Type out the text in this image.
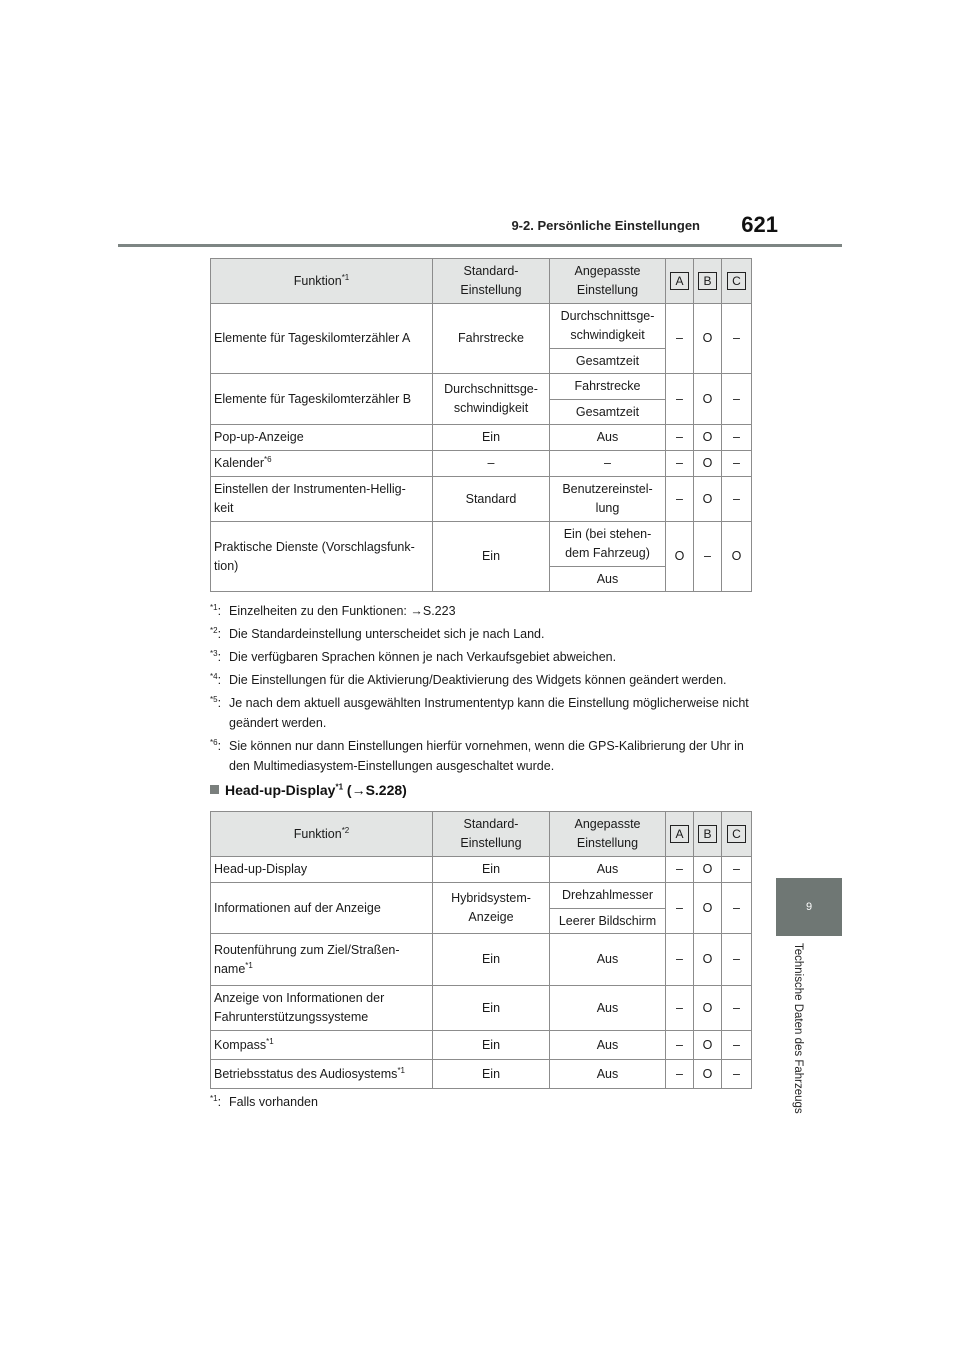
9-2. Persönliche Einstellungen	621
9
Technische Daten des Fahrzeugs
Funktion$^{*1}$	Standard-
Einstellung	Angepasste
Einstellung	A	B	C
Elemente für Tageskilomterzähler A	Fahrstrecke	Durchschnittsge-
schwindigkeit	–	O	–
		Gesamtzeit			
Elemente für Tageskilomterzähler B	Durchschnittsge-
schwindigkeit	Fahrstrecke	–	O	–
		Gesamtzeit			
Pop-up-Anzeige	Ein	Aus	–	O	–
Kalender$^{*6}$	–	–	–	O	–
Einstellen der Instrumenten-Hellig-
keit	Standard	Benutzereinstel-
lung	–	O	–
Praktische Dienste (Vorschlagsfunk-
tion)	Ein	Ein (bei stehen-
dem Fahrzeug)	O	–	O
		Aus			
$^{*1}$: Einzelheiten zu den Funktionen: →S.223
$^{*2}$: Die Standardeinstellung unterscheidet sich je nach Land.
$^{*3}$: Die verfügbaren Sprachen können je nach Verkaufsgebiet abweichen.
$^{*4}$: Die Einstellungen für die Aktivierung/Deaktivierung des Widgets können geändert werden.
$^{*5}$: Je nach dem aktuell ausgewählten Instrumententyp kann die Einstellung möglicherweise nicht geändert werden.
$^{*6}$: Sie können nur dann Einstellungen hierfür vornehmen, wenn die GPS-Kalibrierung der Uhr in den Multimediasystem-Einstellungen ausgeschaltet wurde.
Head-up-Display$^{*1}$ (→S.228)
Funktion$^{*2}$	Standard-
Einstellung	Angepasste
Einstellung	A	B	C
Head-up-Display	Ein	Aus	–	O	–
Informationen auf der Anzeige	Hybridsystem-
Anzeige	Drehzahlmesser	–	O	–
		Leerer Bildschirm			
Routenführung zum Ziel/Straßen-
name$^{*1}$	Ein	Aus	–	O	–
Anzeige von Informationen der
Fahrunterstützungssysteme	Ein	Aus	–	O	–
Kompass$^{*1}$	Ein	Aus	–	O	–
Betriebsstatus des Audiosystems$^{*1}$	Ein	Aus	–	O	–
$^{*1}$: Falls vorhanden
